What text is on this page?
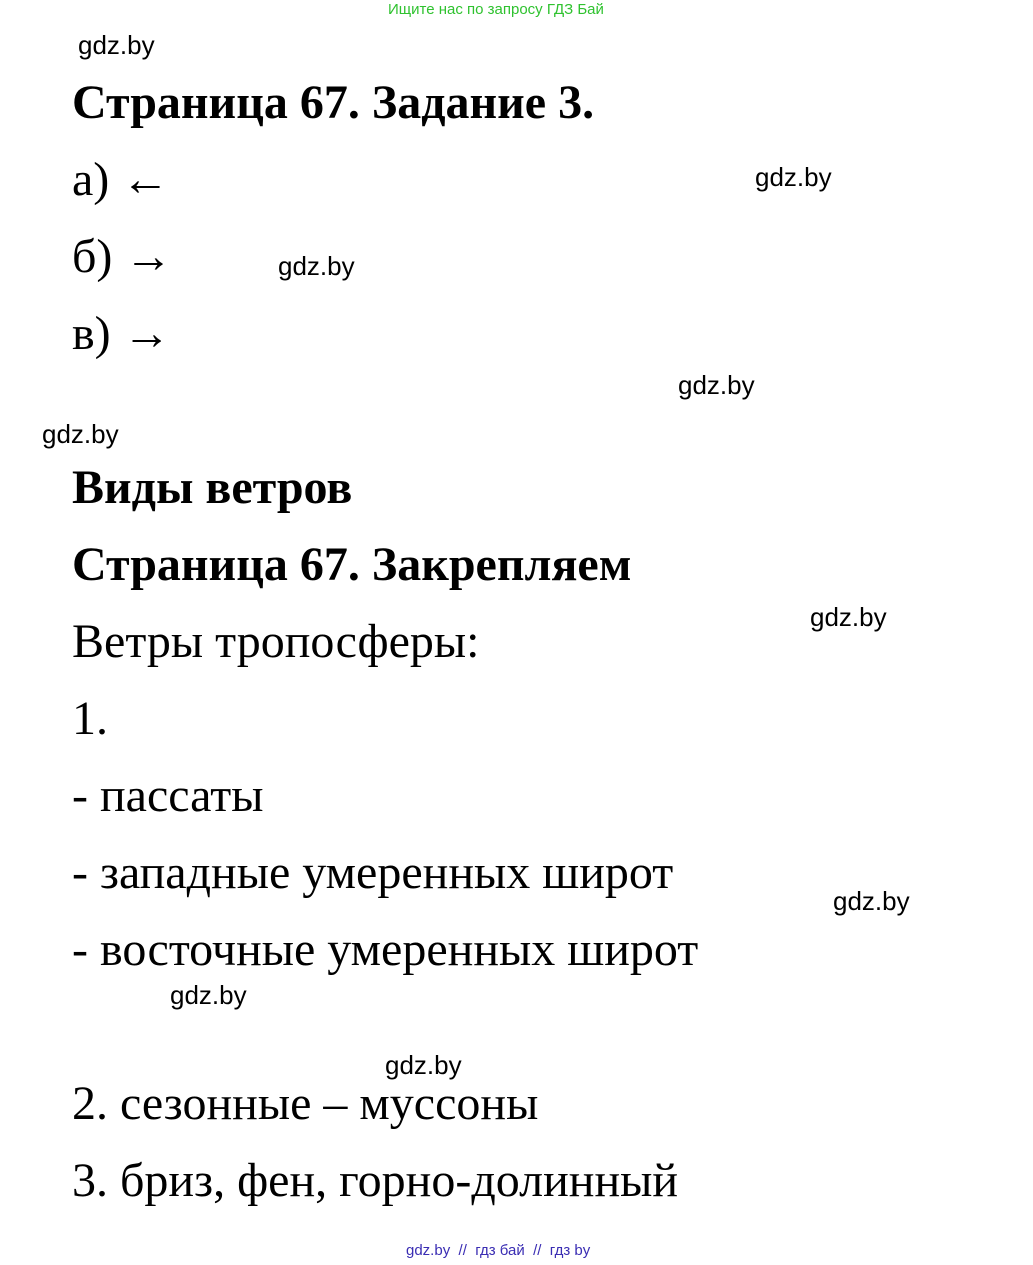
Ищите нас по запросу ГДЗ Бай
gdz.by
gdz.by
gdz.by
gdz.by
gdz.by
gdz.by
gdz.by
gdz.by
gdz.by
Страница 67. Задание 3.
а) ←
б) →
в) →
Виды ветров
Страница 67. Закрепляем
Ветры тропосферы:
1.
- пассаты
- западные умеренных широт
- восточные умеренных широт
2. сезонные – муссоны
3. бриз, фен, горно-долинный
gdz.by  //  гдз бай  //  гдз by
